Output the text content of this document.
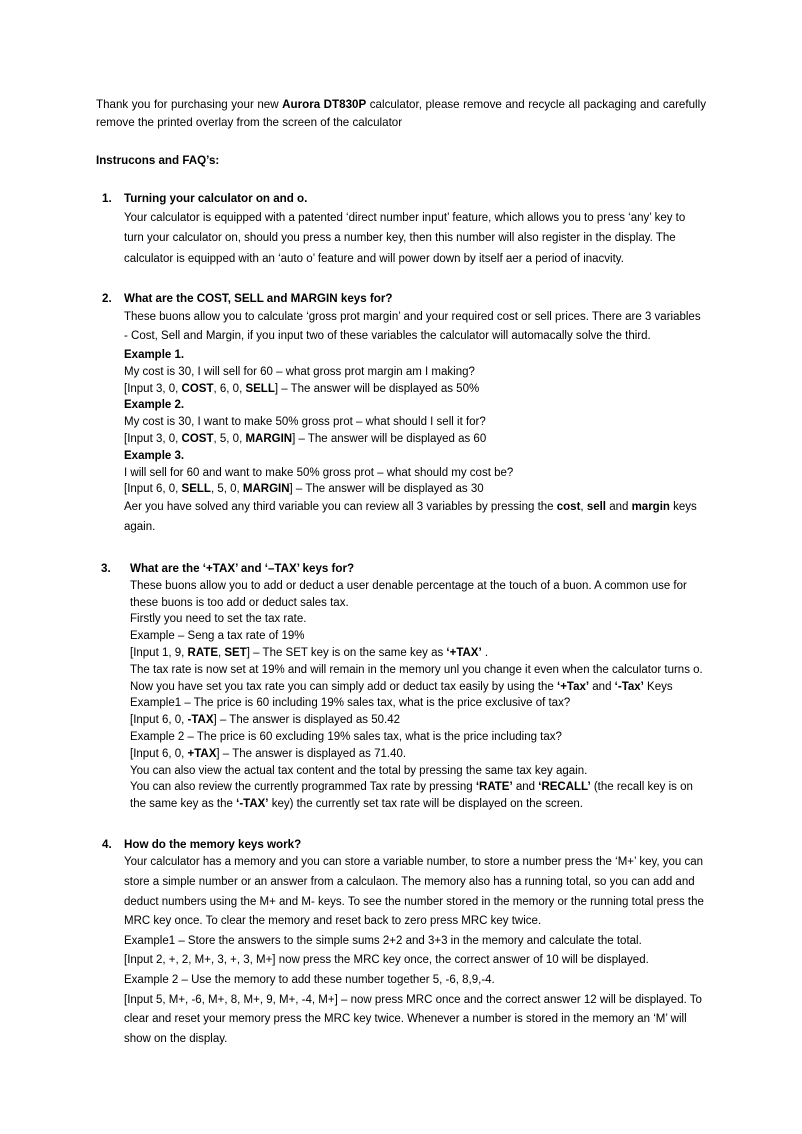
Thank you for purchasing your new Aurora DT830P calculator, please remove and recycle all packaging and carefully remove the printed overlay from the screen of the calculator

Instrucons and FAQ’s:
1. Turning your calculator on and o.
Your calculator is equipped with a patented ‘direct number input’ feature, which allows you to press ‘any’ key to turn your calculator on, should you press a number key, then this number will also register in the display. The calculator is equipped with an ‘auto o’ feature and will power down by itself aer a period of inacvity.
2. What are the COST, SELL and MARGIN keys for?
These buons allow you to calculate ‘gross prot margin’ and your required cost or sell prices. There are 3 variables - Cost, Sell and Margin, if you input two of these variables the calculator will automacally solve the third.
Example 1.
My cost is 30, I will sell for 60 – what gross prot margin am I making?
[Input 3, 0, COST, 6, 0, SELL] – The answer will be displayed as 50%
Example 2.
My cost is 30, I want to make 50% gross prot – what should I sell it for?
[Input 3, 0, COST, 5, 0, MARGIN] – The answer will be displayed as 60
Example 3.
I will sell for 60 and want to make 50% gross prot – what should my cost be?
[Input 6, 0, SELL, 5, 0, MARGIN] – The answer will be displayed as 30
Aer you have solved any third variable you can review all 3 variables by pressing the cost, sell and margin keys again.
3. What are the ‘+TAX’ and ‘–TAX’ keys for?
These buons allow you to add or deduct a user denable percentage at the touch of a buon. A common use for these buons is too add or deduct sales tax.
Firstly you need to set the tax rate.
Example – Seng a tax rate of 19%
[Input 1, 9, RATE, SET] – The SET key is on the same key as ‘+TAX’ .
The tax rate is now set at 19% and will remain in the memory unl you change it even when the calculator turns o. Now you have set you tax rate you can simply add or deduct tax easily by using the ‘+Tax’ and ‘-Tax’ Keys
Example1 – The price is 60 including 19% sales tax, what is the price exclusive of tax?
[Input 6, 0, -TAX] – The answer is displayed as 50.42
Example 2 – The price is 60 excluding 19% sales tax, what is the price including tax?
[Input 6, 0, +TAX] – The answer is displayed as 71.40.
You can also view the actual tax content and the total by pressing the same tax key again.
You can also review the currently programmed Tax rate by pressing ‘RATE’ and ‘RECALL’ (the recall key is on the same key as the ‘-TAX’ key) the currently set tax rate will be displayed on the screen.
4. How do the memory keys work?
Your calculator has a memory and you can store a variable number, to store a number press the ‘M+’ key, you can store a simple number or an answer from a calculaon. The memory also has a running total, so you can add and deduct numbers using the M+ and M- keys. To see the number stored in the memory or the running total press the MRC key once. To clear the memory and reset back to zero press MRC key twice.
Example1 – Store the answers to the simple sums 2+2 and 3+3 in the memory and calculate the total.
[Input 2, +, 2, M+, 3, +, 3, M+] now press the MRC key once, the correct answer of 10 will be displayed.
Example 2 – Use the memory to add these number together 5, -6, 8,9,-4.
[Input 5, M+, -6, M+, 8, M+, 9, M+, -4, M+] – now press MRC once and the correct answer 12 will be displayed. To clear and reset your memory press the MRC key twice. Whenever a number is stored in the memory an ‘M’ will show on the display.
